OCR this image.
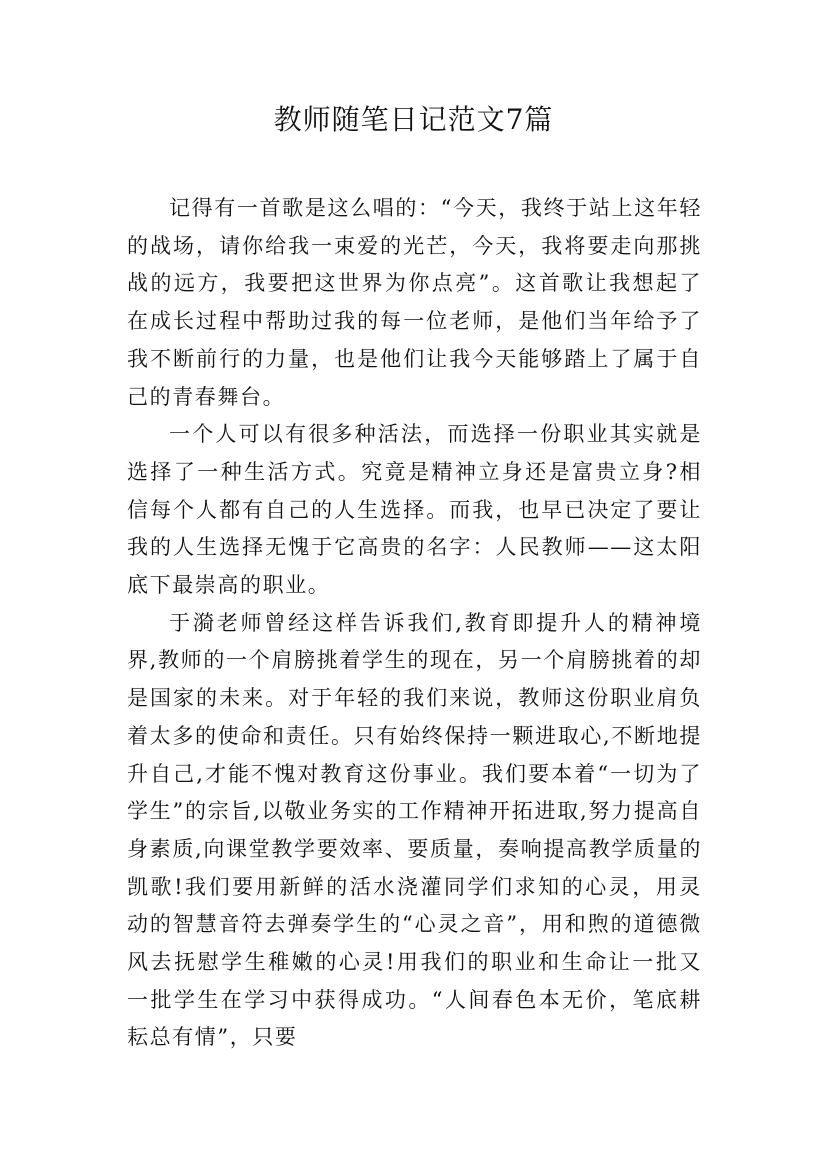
教师随笔日记范文7篇

记得有一首歌是这么唱的：“今天，我终于站上这年轻的战场，请你给我一束爱的光芒，今天，我将要走向那挑战的远方，我要把这世界为你点亮”。这首歌让我想起了在成长过程中帮助过我的每一位老师，是他们当年给予了我不断前行的力量，也是他们让我今天能够踏上了属于自己的青春舞台。

一个人可以有很多种活法，而选择一份职业其实就是选择了一种生活方式。究竟是精神立身还是富贵立身?相信每个人都有自己的人生选择。而我，也早已决定了要让我的人生选择无愧于它高贵的名字：人民教师——这太阳底下最崇高的职业。

于漪老师曾经这样告诉我们,教育即提升人的精神境界,教师的一个肩膀挑着学生的现在，另一个肩膀挑着的却是国家的未来。对于年轻的我们来说，教师这份职业肩负着太多的使命和责任。只有始终保持一颗进取心,不断地提升自己,才能不愧对教育这份事业。我们要本着“一切为了学生”的宗旨,以敬业务实的工作精神开拓进取,努力提高自身素质,向课堂教学要效率、要质量，奏响提高教学质量的凯歌!我们要用新鲜的活水浇灌同学们求知的心灵，用灵动的智慧音符去弹奏学生的“心灵之音”，用和煦的道德微风去抚慰学生稚嫩的心灵!用我们的职业和生命让一批又一批学生在学习中获得成功。“人间春色本无价，笔底耕耘总有情”，只要
